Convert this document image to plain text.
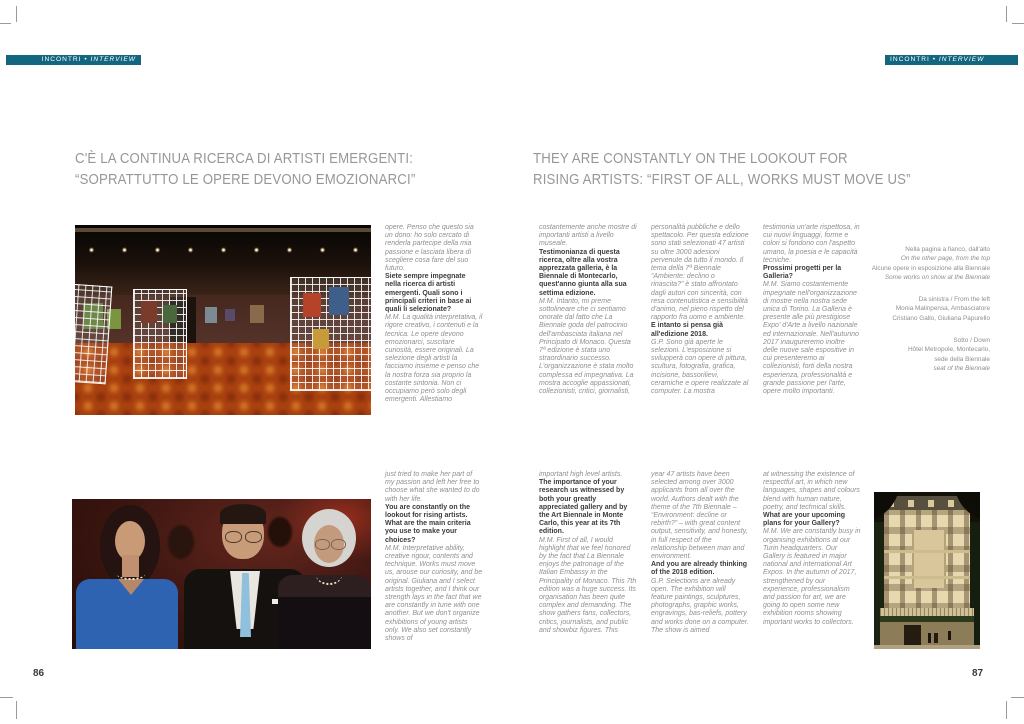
INCONTRI • INTERVIEW	INCONTRI • INTERVIEW
C'È LA CONTINUA RICERCA DI ARTISTI EMERGENTI:
“SOPRATTUTTO LE OPERE DEVONO EMOZIONARCI”
THEY ARE CONSTANTLY ON THE LOOKOUT FOR
RISING ARTISTS: “FIRST OF ALL, WORKS MUST MOVE US”

opere. Penso che questo sia un dono: ho solo cercato di renderla partecipe della mia passione e lasciata libera di scegliere cosa fare del suo futuro.

Siete sempre impegnate nella ricerca di artisti emergenti. Quali sono i principali criteri in base ai quali li selezionate?

M.M. La qualità interpretativa, il rigore creativo, i contenuti e la tecnica. Le opere devono emozionarci, suscitare curiosità, essere originali. La selezione degli artisti la facciamo insieme e penso che la nostra forza sia proprio la costante sintonia. Non ci occupiamo però solo degli emergenti. Allestiamo

costantemente anche mostre di importanti artisti a livello museale.

Testimonianza di questa ricerca, oltre alla vostra apprezzata galleria, è la Biennale di Montecarlo, quest'anno giunta alla sua settima edizione.

M.M. Intanto, mi preme sottolineare che ci sentiamo onorate dal fatto che La Biennale goda del patrocinio dell'ambasciata italiana nel Principato di Monaco. Questa 7ª edizione è stata uno straordinario successo. L'organizzazione è stata molto complessa ed impegnativa. La mostra accoglie appassionati, collezionisti, critici, giornalisti,

personalità pubbliche e dello spettacolo. Per questa edizione sono stati selezionati 47 artisti su oltre 3000 adesioni pervenute da tutto il mondo. Il tema della 7ª Biennale “Ambiente: declino o rinascita?” è stato affrontato dagli autori con sincerità, con resa contenutistica e sensibilità d'animo, nel pieno rispetto del rapporto fra uomo e ambiente.

E intanto si pensa già all'edizione 2018.

G.P. Sono già aperte le selezioni. L'esposizione si svilupperà con opere di pittura, scultura, fotografia, grafica, incisione, bassorilievi, ceramiche e opere realizzate al computer. La mostra

testimonia un'arte rispettosa, in cui nuovi linguaggi, forme e colori si fondono con l'aspetto umano, la poesia e le capacità tecniche.

Prossimi progetti per la Galleria?

M.M. Siamo costantemente impegnate nell'organizzazione di mostre nella nostra sede unica di Torino. La Galleria è presente alle più prestigiose Expo' d'Arte a livello nazionale ed internazionale. Nell'autunno 2017 inaugureremo inoltre delle nuove sale espositive in cui presenteremo ai collezionisti, forti della nostra esperienza, professionalità e grande passione per l'arte, opere molto importanti.

Nella pagina a fianco, dall'alto

On the other page, from the top

Alcune opere in esposizione alla Biennale

Some works on show at the Biennale

Da sinistra / From the left

Monia Malinpensa, Ambasciatore

Cristiano Gallo, Giuliana Papurello

Sotto / Down

Hôtel Metropole, Montecarlo,

sede della Biennale

seat of the Biennale

just tried to make her part of my passion and left her free to choose what she wanted to do with her life.

You are constantly on the lookout for rising artists. What are the main criteria you use to make your choices?

M.M. Interpretative ability, creative rigour, contents and technique. Works must move us, arouse our curiosity, and be original. Giuliana and I select artists together, and I think our strength lays in the fact that we are constantly in tune with one another. But we don't organize exhibitions of young artists only. We also set constantly shows of

important high level artists.

The importance of your research us witnessed by both your greatly appreciated gallery and by the Art Biennale in Monte Carlo, this year at its 7th edition.

M.M. First of all, I would highlight that we feel honored by the fact that La Biennale enjoys the patronage of the Italian Embassy in the Principality of Monaco. This 7th edition was a huge success. Its organisation has been quite complex and demanding. The show gathers fans, collectors, critics, journalists, and public and showbiz figures. This

year 47 artists have been selected among over 3000 applicants from all over the world. Authors dealt with the theme of the 7th Biennale – “Environment: decline or rebirth?” – with great content output, sensitivity, and honesty, in full respect of the relationship between man and environment.

And you are already thinking of the 2018 edition.

G.P. Selections are already open. The exhibition will feature paintings, sculptures, photographs, graphic works, engravings, bas-reliefs, pottery and works done on a computer. The show is aimed

at witnessing the existence of respectful art, in which new languages, shapes and colours blend with human nature, poetry, and technical skills.

What are your upcoming plans for your Gallery?

M.M. We are constantly busy in organising exhibitions at our Turin headquarters. Our Gallery is featured in major national and international Art Expos. In the autumn of 2017, strengthened by our experience, professionalism and passion for art, we are going to open some new exhibition rooms showing important works to collectors.

86	87
